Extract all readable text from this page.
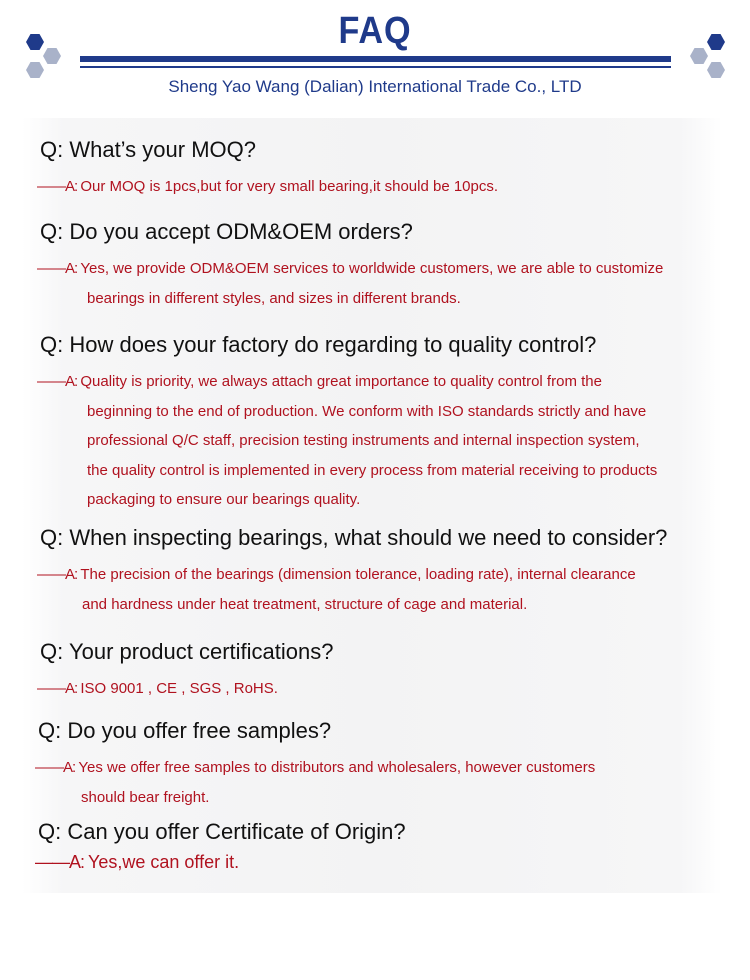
FAQ
Sheng Yao Wang (Dalian) International Trade Co., LTD
Q: What’s your MOQ?
——A: Our MOQ is 1pcs,but for very small bearing,it should be 10pcs.
Q: Do you accept ODM&OEM orders?
——A: Yes, we provide ODM&OEM services to worldwide customers, we are able to customize
bearings in different styles, and sizes in different brands.
Q: How does your factory do regarding to quality control?
——A: Quality is priority, we always attach great importance to quality control from the
beginning to the end of production. We conform with ISO standards strictly and have
professional Q/C staff, precision testing instruments and internal inspection system,
the quality control is implemented in every process from material receiving to products
packaging to ensure our bearings quality.
Q: When inspecting bearings, what should we need to consider?
——A: The precision of the bearings (dimension tolerance, loading rate), internal clearance
and hardness under heat treatment, structure of cage and material.
Q: Your product certifications?
——A: ISO 9001 , CE , SGS , RoHS.
Q: Do you offer free samples?
——A: Yes we offer free samples to distributors and wholesalers, however customers
should bear freight.
Q: Can you offer Certificate of Origin?
——A: Yes,we can offer it.
